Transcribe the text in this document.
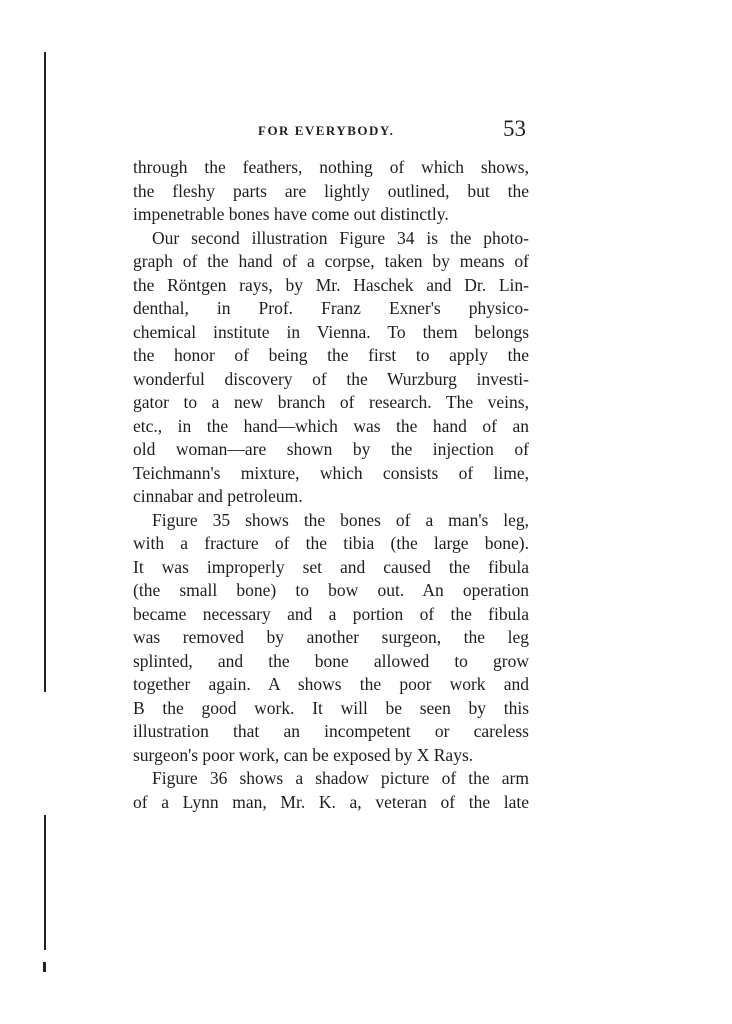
FOR EVERYBODY.	53
through the feathers, nothing of which shows,
the fleshy parts are lightly outlined, but the
impenetrable bones have come out distinctly.
Our second illustration Figure 34 is the photo-
graph of the hand of a corpse, taken by means of
the Röntgen rays, by Mr. Haschek and Dr. Lin-
denthal, in Prof. Franz Exner's physico-
chemical institute in Vienna. To them belongs
the honor of being the first to apply the
wonderful discovery of the Wurzburg investi-
gator to a new branch of research. The veins,
etc., in the hand—which was the hand of an
old woman—are shown by the injection of
Teichmann's mixture, which consists of lime,
cinnabar and petroleum.
Figure 35 shows the bones of a man's leg,
with a fracture of the tibia (the large bone).
It was improperly set and caused the fibula
(the small bone) to bow out. An operation
became necessary and a portion of the fibula
was removed by another surgeon, the leg
splinted, and the bone allowed to grow
together again. A shows the poor work and
B the good work. It will be seen by this
illustration that an incompetent or careless
surgeon's poor work, can be exposed by X Rays.
Figure 36 shows a shadow picture of the arm
of a Lynn man, Mr. K. a, veteran of the late
